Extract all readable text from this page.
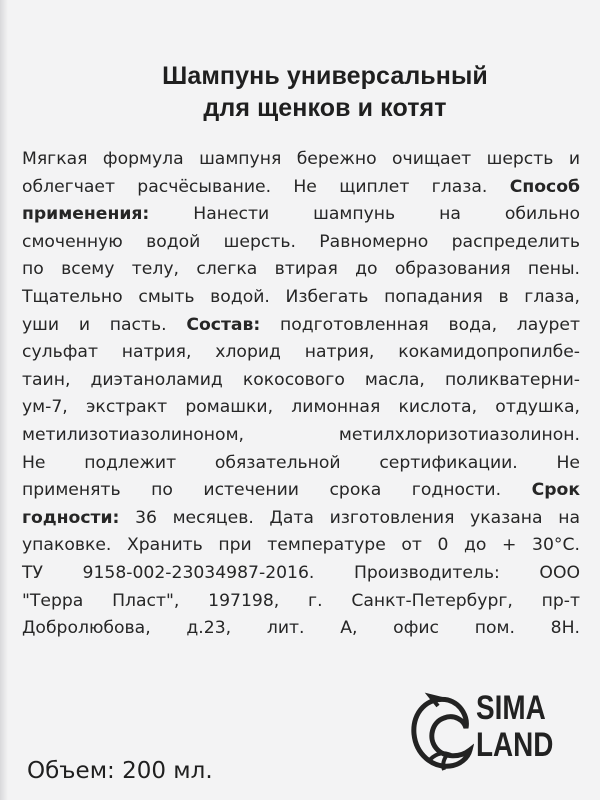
Шампунь универсальный
для щенков и котят
Мягкая формула шампуня бережно очищает шерсть и
облегчает расчёсывание. Не щиплет глаза. Способ
применения: Нанести шампунь на обильно
смоченную водой шерсть. Равномерно распределить
по всему телу, слегка втирая до образования пены.
Тщательно смыть водой. Избегать попадания в глаза,
уши и пасть. Состав: подготовленная вода, лаурет
сульфат натрия, хлорид натрия, кокамидопропилбе-
таин, диэтаноламид кокосового масла, поликватерни-
ум-7, экстракт ромашки, лимонная кислота, отдушка,
метилизотиазолиноном, метилхлоризотиазолинон.
Не подлежит обязательной сертификации. Не
применять по истечении срока годности. Срок
годности: 36 месяцев. Дата изготовления указана на
упаковке. Хранить при температуре от 0 до + 30°С.
ТУ 9158-002-23034987-2016. Производитель: ООО
"Терра Пласт", 197198, г. Санкт-Петербург, пр-т
Добролюбова, д.23, лит. А, офис пом. 8Н.
Объем: 200 мл.
SIMA
LAND
